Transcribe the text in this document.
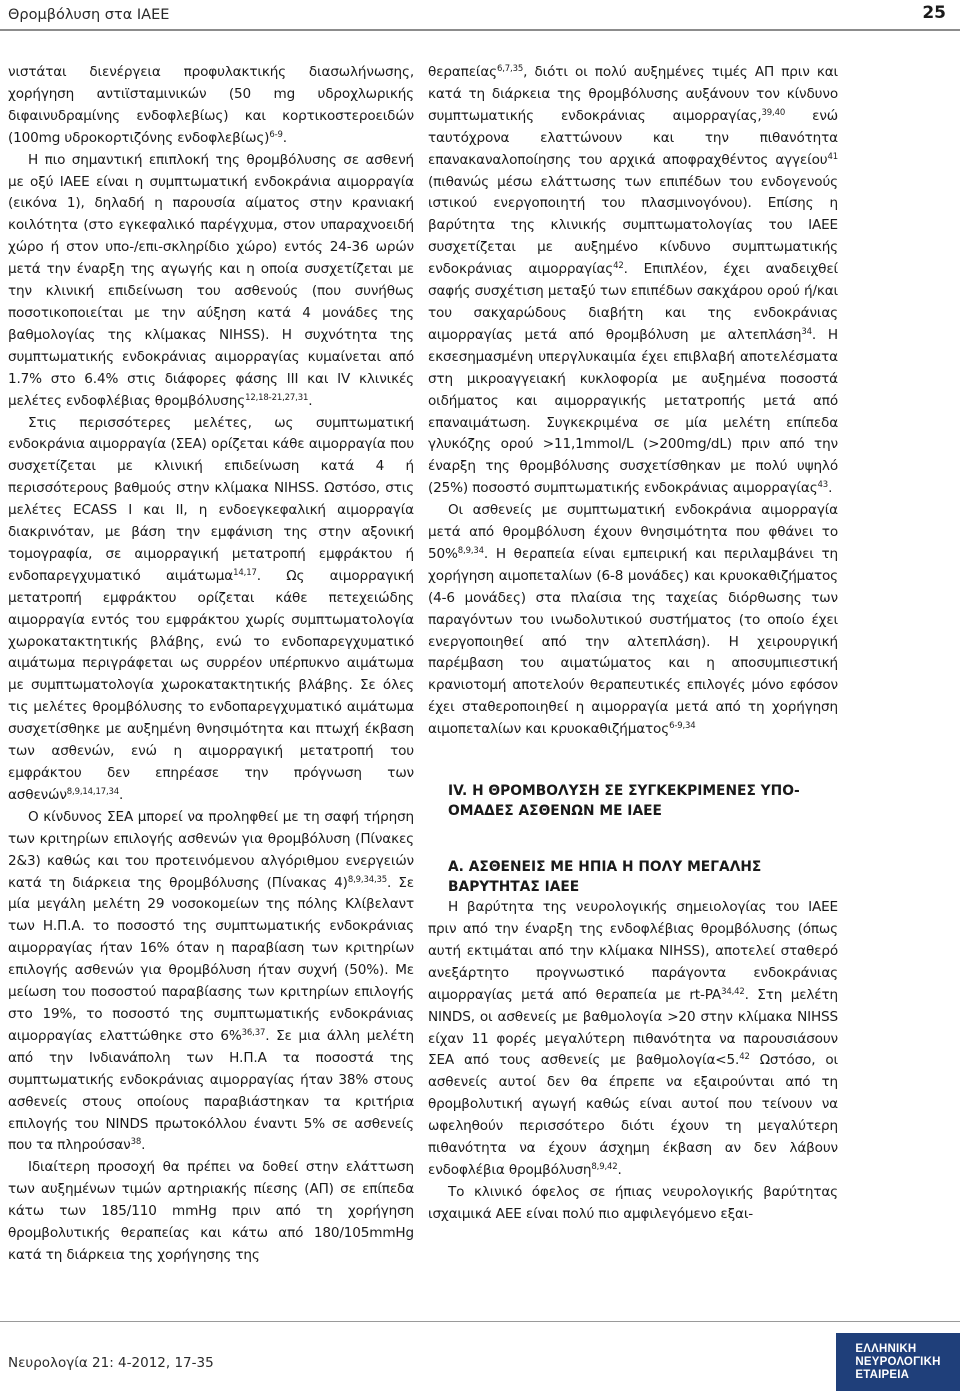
Θρομβόλυση στα ΙΑΕΕ	25

νιστάται διενέργεια προφυλακτικής διασωλήνωσης, χορήγηση αντιϊσταμινικών (50 mg υδροχλωρικής διφαινυδραμίνης ενδοφλεβίως) και κορτικοστεροειδών (100mg υδροκορτιζόνης ενδοφλεβίως)$^{6-9}$.

Η πιο σημαντική επιπλοκή της θρομβόλυσης σε ασθενή με οξύ ΙΑΕΕ είναι η συμπτωματική ενδοκράνια αιμορραγία (εικόνα 1), δηλαδή η παρουσία αίματος στην κρανιακή κοιλότητα (στο εγκεφαλικό παρέγχυμα, στον υπαραχνοειδή χώρο ή στον υπο-/επι-σκληρίδιο χώρο) εντός 24-36 ωρών μετά την έναρξη της αγωγής και η οποία συσχετίζεται με την κλινική επιδείνωση του ασθενούς (που συνήθως ποσοτικοποιείται με την αύξηση κατά 4 μονάδες της βαθμολογίας της κλίμακας NIHSS). Η συχνότητα της συμπτωματικής ενδοκράνιας αιμορραγίας κυμαίνεται από 1.7% στο 6.4% στις διάφορες φάσης ΙΙΙ και IV κλινικές μελέτες ενδοφλέβιας θρομβόλυσης$^{12,18-21,27,31}$.

Στις περισσότερες μελέτες, ως συμπτωματική ενδοκράνια αιμορραγία (ΣΕΑ) ορίζεται κάθε αιμορραγία που συσχετίζεται με κλινική επιδείνωση κατά 4 ή περισσότερους βαθμούς στην κλίμακα NIHSS. Ωστόσο, στις μελέτες ECASS I και II, η ενδοεγκεφαλική αιμορραγία διακρινόταν, με βάση την εμφάνιση της στην αξονική τομογραφία, σε αιμορραγική μετατροπή εμφράκτου ή ενδοπαρεγχυματικό αιμάτωμα$^{14,17}$. Ως αιμορραγική μετατροπή εμφράκτου ορίζεται κάθε πετεχειώδης αιμορραγία εντός του εμφράκτου χωρίς συμπτωματολογία χωροκατακτητικής βλάβης, ενώ το ενδοπαρεγχυματικό αιμάτωμα περιγράφεται ως συρρέον υπέρπυκνο αιμάτωμα με συμπτωματολογία χωροκατακτητικής βλάβης. Σε όλες τις μελέτες θρομβόλυσης το ενδοπαρεγχυματικό αιμάτωμα συσχετίσθηκε με αυξημένη θνησιμότητα και πτωχή έκβαση των ασθενών, ενώ η αιμορραγική μετατροπή του εμφράκτου δεν επηρέασε την πρόγνωση των ασθενών$^{8,9,14,17,34}$.

Ο κίνδυνος ΣΕΑ μπορεί να προληφθεί με τη σαφή τήρηση των κριτηρίων επιλογής ασθενών για θρομβόλυση (Πίνακες 2&3) καθώς και του προτεινόμενου αλγόριθμου ενεργειών κατά τη διάρκεια της θρομβόλυσης (Πίνακας 4)$^{8,9,34,35}$. Σε μία μεγάλη μελέτη 29 νοσοκομείων της πόλης Κλίβελαντ των Η.Π.Α. το ποσοστό της συμπτωματικής ενδοκράνιας αιμορραγίας ήταν 16% όταν η παραβίαση των κριτηρίων επιλογής ασθενών για θρομβόλυση ήταν συχνή (50%). Με μείωση του ποσοστού παραβίασης των κριτηρίων επιλογής στο 19%, το ποσοστό της συμπτωματικής ενδοκράνιας αιμορραγίας ελαττώθηκε στο 6%$^{36,37}$. Σε μια άλλη μελέτη από την Ινδιανάπολη των Η.Π.Α τα ποσοστά της συμπτωματικής ενδοκράνιας αιμορραγίας ήταν 38% στους ασθενείς στους οποίους παραβιάστηκαν τα κριτήρια επιλογής του NINDS πρωτοκόλλου έναντι 5% σε ασθενείς που τα πληρούσαν$^{38}$.

Ιδιαίτερη προσοχή θα πρέπει να δοθεί στην ελάττωση των αυξημένων τιμών αρτηριακής πίεσης (ΑΠ) σε επίπεδα κάτω των 185/110 mmHg πριν από τη χορήγηση θρομβολυτικής θεραπείας και κάτω από 180/105mmHg κατά τη διάρκεια της χορήγησης της

θεραπείας$^{6,7,35}$, διότι οι πολύ αυξημένες τιμές ΑΠ πριν και κατά τη διάρκεια της θρομβόλυσης αυξάνουν τον κίνδυνο συμπτωματικής ενδοκράνιας αιμορραγίας,$^{39,40}$ ενώ ταυτόχρονα ελαττώνουν και την πιθανότητα επανακαναλοποίησης του αρχικά αποφραχθέντος αγγείου$^{41}$ (πιθανώς μέσω ελάττωσης των επιπέδων του ενδογενούς ιστικού ενεργοποιητή του πλασμινογόνου). Επίσης η βαρύτητα της κλινικής συμπτωματολογίας του ΙΑΕΕ συσχετίζεται με αυξημένο κίνδυνο συμπτωματικής ενδοκράνιας αιμορραγίας$^{42}$. Επιπλέον, έχει αναδειχθεί σαφής συσχέτιση μεταξύ των επιπέδων σακχάρου ορού ή/και του σακχαρώδους διαβήτη και της ενδοκράνιας αιμορραγίας μετά από θρομβόλυση με αλτεπλάση$^{34}$. Η εκσεσημασμένη υπεργλυκαιμία έχει επιβλαβή αποτελέσματα στη μικροαγγειακή κυκλοφορία με αυξημένα ποσοστά οιδήματος και αιμορραγικής μετατροπής μετά από επαναιμάτωση. Συγκεκριμένα σε μία μελέτη επίπεδα γλυκόζης ορού >11,1mmol/L (>200mg/dL) πριν από την έναρξη της θρομβόλυσης συσχετίσθηκαν με πολύ υψηλό (25%) ποσοστό συμπτωματικής ενδοκράνιας αιμορραγίας$^{43}$.

Οι ασθενείς με συμπτωματική ενδοκράνια αιμορραγία μετά από θρομβόλυση έχουν θνησιμότητα που φθάνει το 50%$^{8,9,34}$. Η θεραπεία είναι εμπειρική και περιλαμβάνει τη χορήγηση αιμοπεταλίων (6-8 μονάδες) και κρυοκαθιζήματος (4-6 μονάδες) στα πλαίσια της ταχείας διόρθωσης των παραγόντων του ινωδολυτικού συστήματος (το οποίο έχει ενεργοποιηθεί από την αλτεπλάση). Η χειρουργική παρέμβαση του αιματώματος και η αποσυμπιεστική κρανιοτομή αποτελούν θεραπευτικές επιλογές μόνο εφόσον έχει σταθεροποιηθεί η αιμορραγία μετά από τη χορήγηση αιμοπεταλίων και κρυοκαθιζήματος$^{6-9,34}$

IV. Η ΘΡΟΜΒΟΛΥΣΗ ΣΕ ΣΥΓΚΕΚΡΙΜΕΝΕΣ ΥΠΟ-ΟΜΑΔΕΣ ΑΣΘΕΝΩΝ ΜΕ ΙΑΕΕ
Α. ΑΣΘΕΝΕΙΣ ΜΕ ΗΠΙΑ Η ΠΟΛΥ ΜΕΓΑΛΗΣ ΒΑΡΥΤΗΤΑΣ ΙΑΕΕ

Η βαρύτητα της νευρολογικής σημειολογίας του ΙΑΕΕ πριν από την έναρξη της ενδοφλέβιας θρομβόλυσης (όπως αυτή εκτιμάται από την κλίμακα NIHSS), αποτελεί σταθερό ανεξάρτητο προγνωστικό παράγοντα ενδοκράνιας αιμορραγίας μετά από θεραπεία με rt-PA$^{34,42}$. Στη μελέτη NINDS, οι ασθενείς με βαθμολογία >20 στην κλίμακα NIHSS είχαν 11 φορές μεγαλύτερη πιθανότητα να παρουσιάσουν ΣΕΑ από τους ασθενείς με βαθμολογία<5.42 Ωστόσο, οι ασθενείς αυτοί δεν θα έπρεπε να εξαιρούνται από τη θρομβολυτική αγωγή καθώς είναι αυτοί που τείνουν να ωφεληθούν περισσότερο διότι έχουν τη μεγαλύτερη πιθανότητα να έχουν άσχημη έκβαση αν δεν λάβουν ενδοφλέβια θρομβόλυση$^{8,9,42}$.

Το κλινικό όφελος σε ήπιας νευρολογικής βαρύτητας ισχαιμικά ΑΕΕ είναι πολύ πιο αμφιλεγόμενο εξαι-

Νευρολογία 21: 4-2012, 17-35
ΕΛΛΗΝΙΚΗ
ΝΕΥΡΟΛΟΓΙΚΗ
ΕΤΑΙΡΕΙΑ
